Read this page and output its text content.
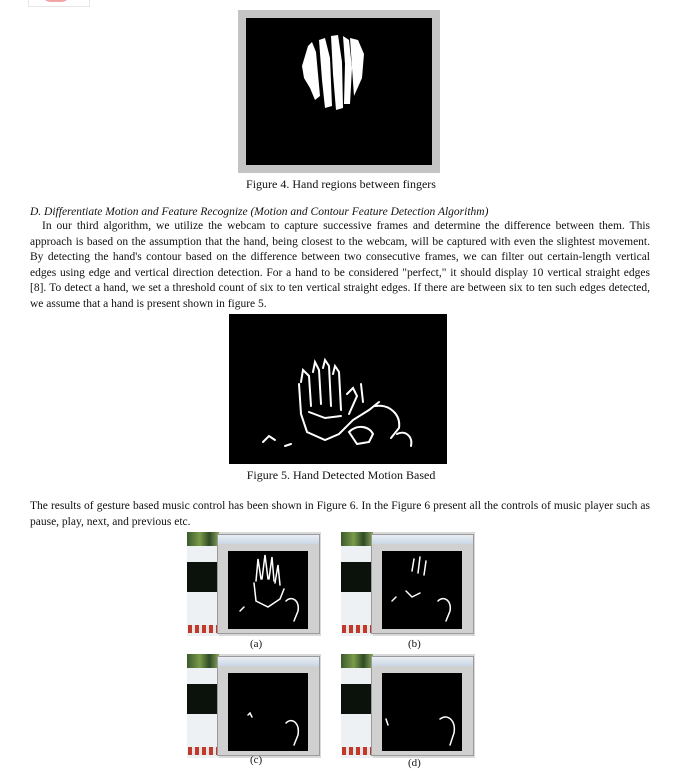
Figure 4. Hand regions between fingers
D. Differentiate Motion and Feature Recognize (Motion and Contour Feature Detection Algorithm)

In our third algorithm, we utilize the webcam to capture successive frames and determine the difference between them. This approach is based on the assumption that the hand, being closest to the webcam, will be captured with even the slightest movement. By detecting the hand's contour based on the difference between two consecutive frames, we can filter out certain-length vertical edges using edge and vertical direction detection. For a hand to be considered "perfect," it should display 10 vertical straight edges [8]. To detect a hand, we set a threshold count of six to ten vertical straight edges. If there are between six to ten such edges detected, we assume that a hand is present shown in figure 5.

Figure 5. Hand Detected Motion Based

The results of gesture based music control has been shown in Figure 6. In the Figure 6 present all the controls of music player such as pause, play, next, and previous etc.

(a)	(b)
(c)	(d)
